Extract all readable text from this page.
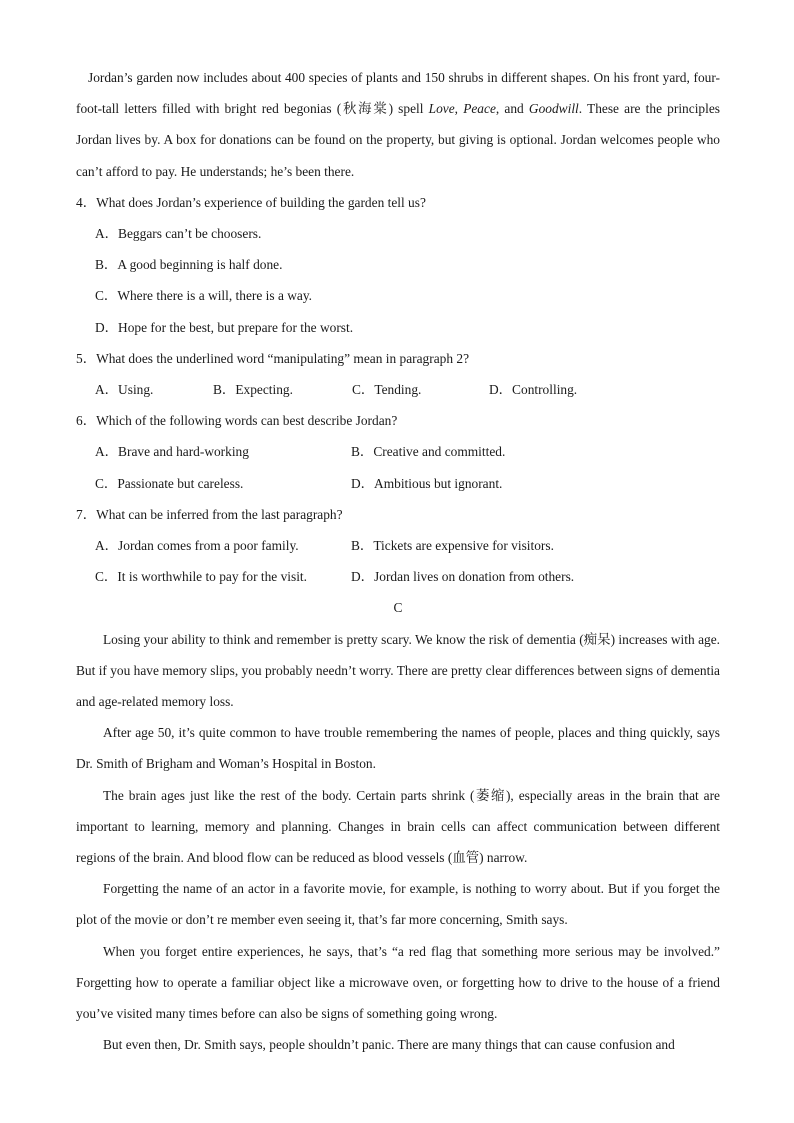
Jordan’s garden now includes about 400 species of plants and 150 shrubs in different shapes. On his front yard, four-foot-tall letters filled with bright red begonias (秋海棠) spell Love, Peace, and Goodwill. These are the principles Jordan lives by. A box for donations can be found on the property, but giving is optional. Jordan welcomes people who can’t afford to pay. He understands; he’s been there.

4．What does Jordan’s experience of building the garden tell us?

A．Beggars can’t be choosers.

B．A good beginning is half done.

C．Where there is a will, there is a way.

D．Hope for the best, but prepare for the worst.

5．What does the underlined word “manipulating” mean in paragraph 2?

A．Using.	B．Expecting.	C．Tending.	D．Controlling.

6．Which of the following words can best describe Jordan?

A．Brave and hard-working	B．Creative and committed.
C．Passionate but careless.	D．Ambitious but ignorant.

7．What can be inferred from the last paragraph?

A．Jordan comes from a poor family.	B．Tickets are expensive for visitors.
C．It is worthwhile to pay for the visit.	D．Jordan lives on donation from others.

C

Losing your ability to think and remember is pretty scary. We know the risk of dementia (痴呆) increases with age. But if you have memory slips, you probably needn’t worry. There are pretty clear differences between signs of dementia and age-related memory loss.

After age 50, it’s quite common to have trouble remembering the names of people, places and thing quickly, says Dr. Smith of Brigham and Woman’s Hospital in Boston.

The brain ages just like the rest of the body. Certain parts shrink (萎缩), especially areas in the brain that are important to learning, memory and planning. Changes in brain cells can affect communication between different regions of the brain. And blood flow can be reduced as blood vessels (血管) narrow.

Forgetting the name of an actor in a favorite movie, for example, is nothing to worry about. But if you forget the plot of the movie or don’t re member even seeing it, that’s far more concerning, Smith says.

When you forget entire experiences, he says, that’s “a red flag that something more serious may be involved.” Forgetting how to operate a familiar object like a microwave oven, or forgetting how to drive to the house of a friend you’ve visited many times before can also be signs of something going wrong.

But even then, Dr. Smith says, people shouldn’t panic. There are many things that can cause confusion and
